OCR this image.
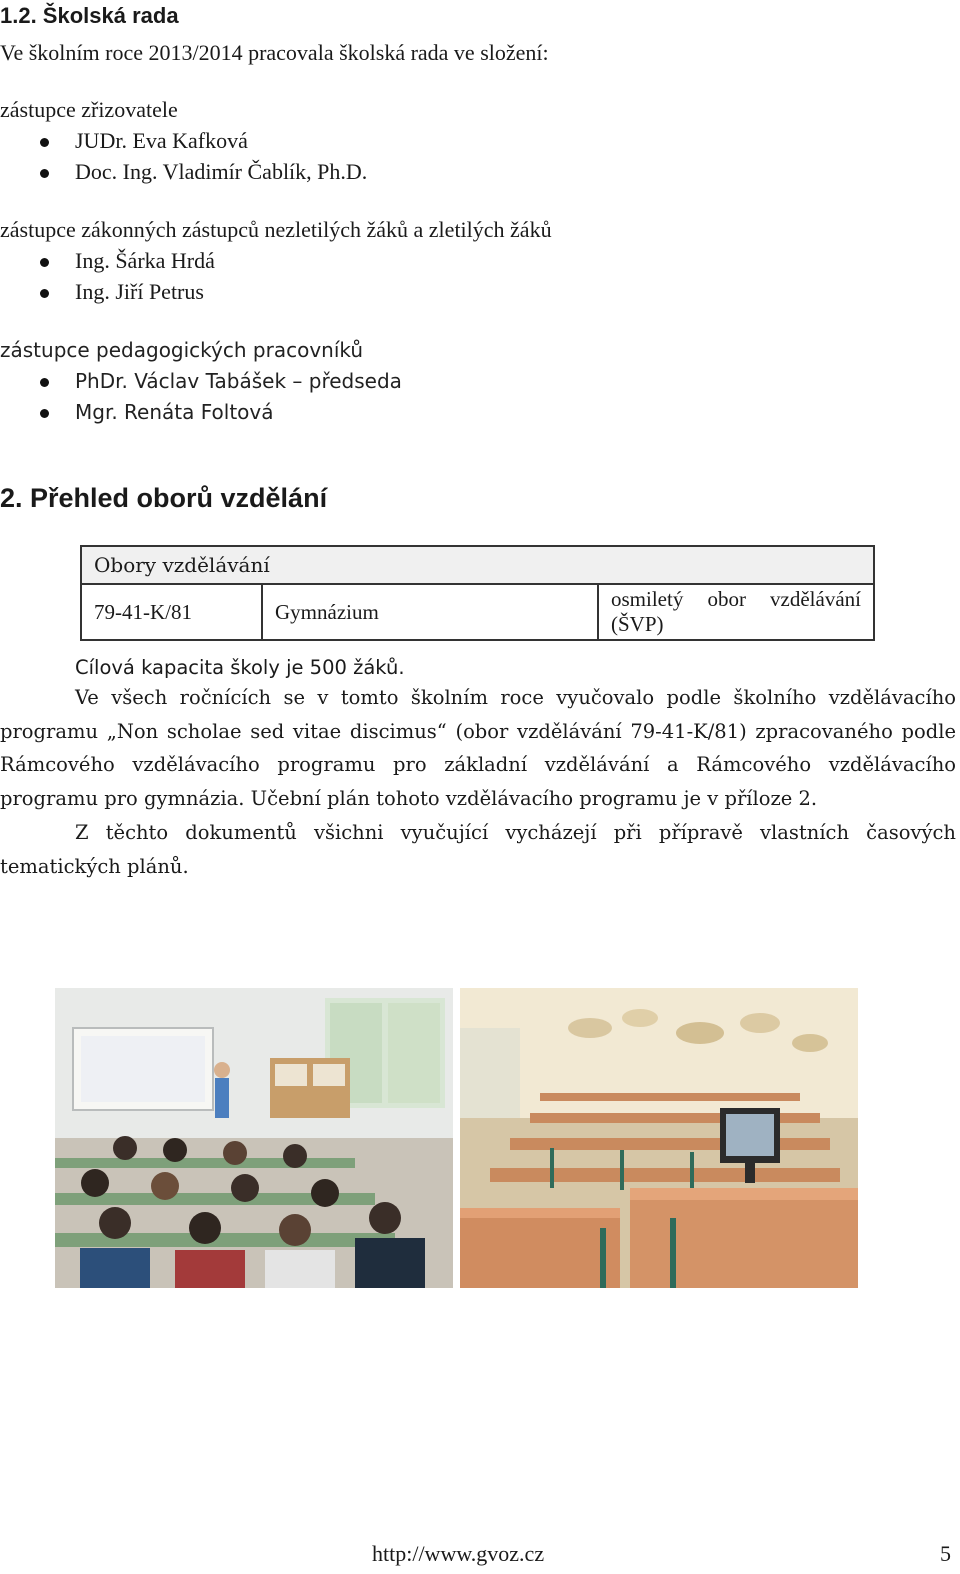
1.2. Školská rada
Ve školním roce 2013/2014 pracovala školská rada ve složení:
zástupce zřizovatele
JUDr. Eva Kafková
Doc. Ing. Vladimír Čablík, Ph.D.
zástupce zákonných zástupců nezletilých žáků a zletilých žáků
Ing. Šárka Hrdá
Ing. Jiří Petrus
zástupce pedagogických pracovníků
PhDr. Václav Tabášek – předseda
Mgr. Renáta Foltová
2. Přehled oborů vzdělání
Obory vzdělávání
79-41-K/81	Gymnázium	osmiletý obor vzdělávání (ŠVP)
Cílová kapacita školy je 500 žáků.
Ve všech ročnících se v tomto školním roce vyučovalo podle školního vzdělávacího programu „Non scholae sed vitae discimus“ (obor vzdělávání 79-41-K/81) zpracovaného podle Rámcového vzdělávacího programu pro základní vzdělávání a Rámcového vzdělávacího programu pro gymnázia. Učební plán tohoto vzdělávacího programu je v příloze 2.
Z těchto dokumentů všichni vyučující vycházejí při přípravě vlastních časových tematických plánů.
http://www.gvoz.cz	5
